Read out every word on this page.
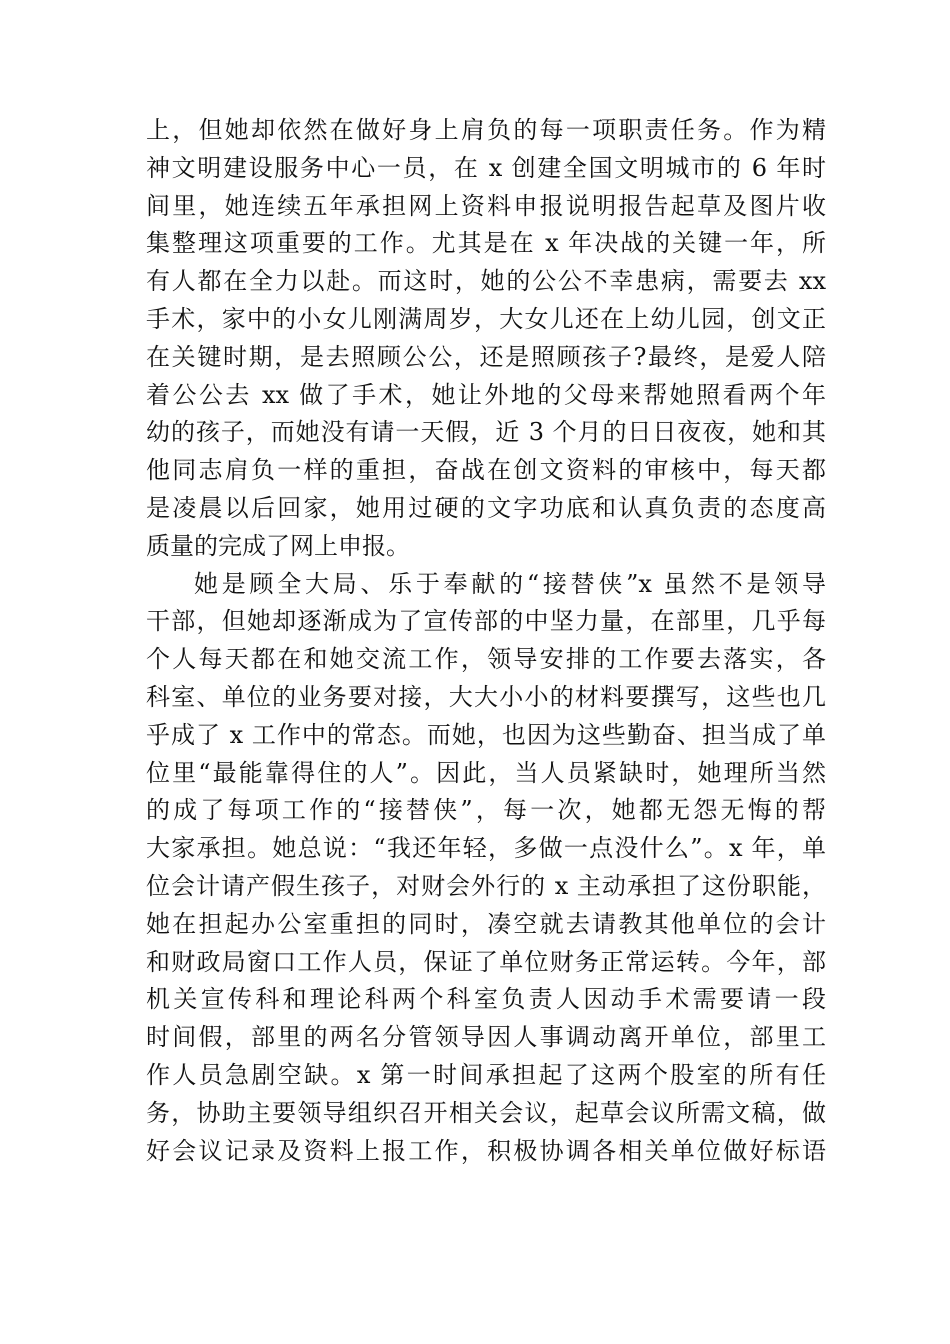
上，但她却依然在做好身上肩负的每一项职责任务。作为精
神文明建设服务中心一员，在 x 创建全国文明城市的 6 年时
间里，她连续五年承担网上资料申报说明报告起草及图片收
集整理这项重要的工作。尤其是在 x 年决战的关键一年，所
有人都在全力以赴。而这时，她的公公不幸患病，需要去 xx
手术，家中的小女儿刚满周岁，大女儿还在上幼儿园，创文正
在关键时期，是去照顾公公，还是照顾孩子?最终，是爱人陪
着公公去 xx 做了手术，她让外地的父母来帮她照看两个年
幼的孩子，而她没有请一天假，近 3 个月的日日夜夜，她和其
他同志肩负一样的重担，奋战在创文资料的审核中，每天都
是凌晨以后回家，她用过硬的文字功底和认真负责的态度高
质量的完成了网上申报。
她是顾全大局、乐于奉献的“接替侠”x 虽然不是领导
干部，但她却逐渐成为了宣传部的中坚力量，在部里，几乎每
个人每天都在和她交流工作，领导安排的工作要去落实，各
科室、单位的业务要对接，大大小小的材料要撰写，这些也几
乎成了 x 工作中的常态。而她，也因为这些勤奋、担当成了单
位里“最能靠得住的人”。因此，当人员紧缺时，她理所当然
的成了每项工作的“接替侠”，每一次，她都无怨无悔的帮
大家承担。她总说：“我还年轻，多做一点没什么”。x 年，单
位会计请产假生孩子，对财会外行的 x 主动承担了这份职能，
她在担起办公室重担的同时，凑空就去请教其他单位的会计
和财政局窗口工作人员，保证了单位财务正常运转。今年，部
机关宣传科和理论科两个科室负责人因动手术需要请一段
时间假，部里的两名分管领导因人事调动离开单位，部里工
作人员急剧空缺。x 第一时间承担起了这两个股室的所有任
务，协助主要领导组织召开相关会议，起草会议所需文稿，做
好会议记录及资料上报工作，积极协调各相关单位做好标语
